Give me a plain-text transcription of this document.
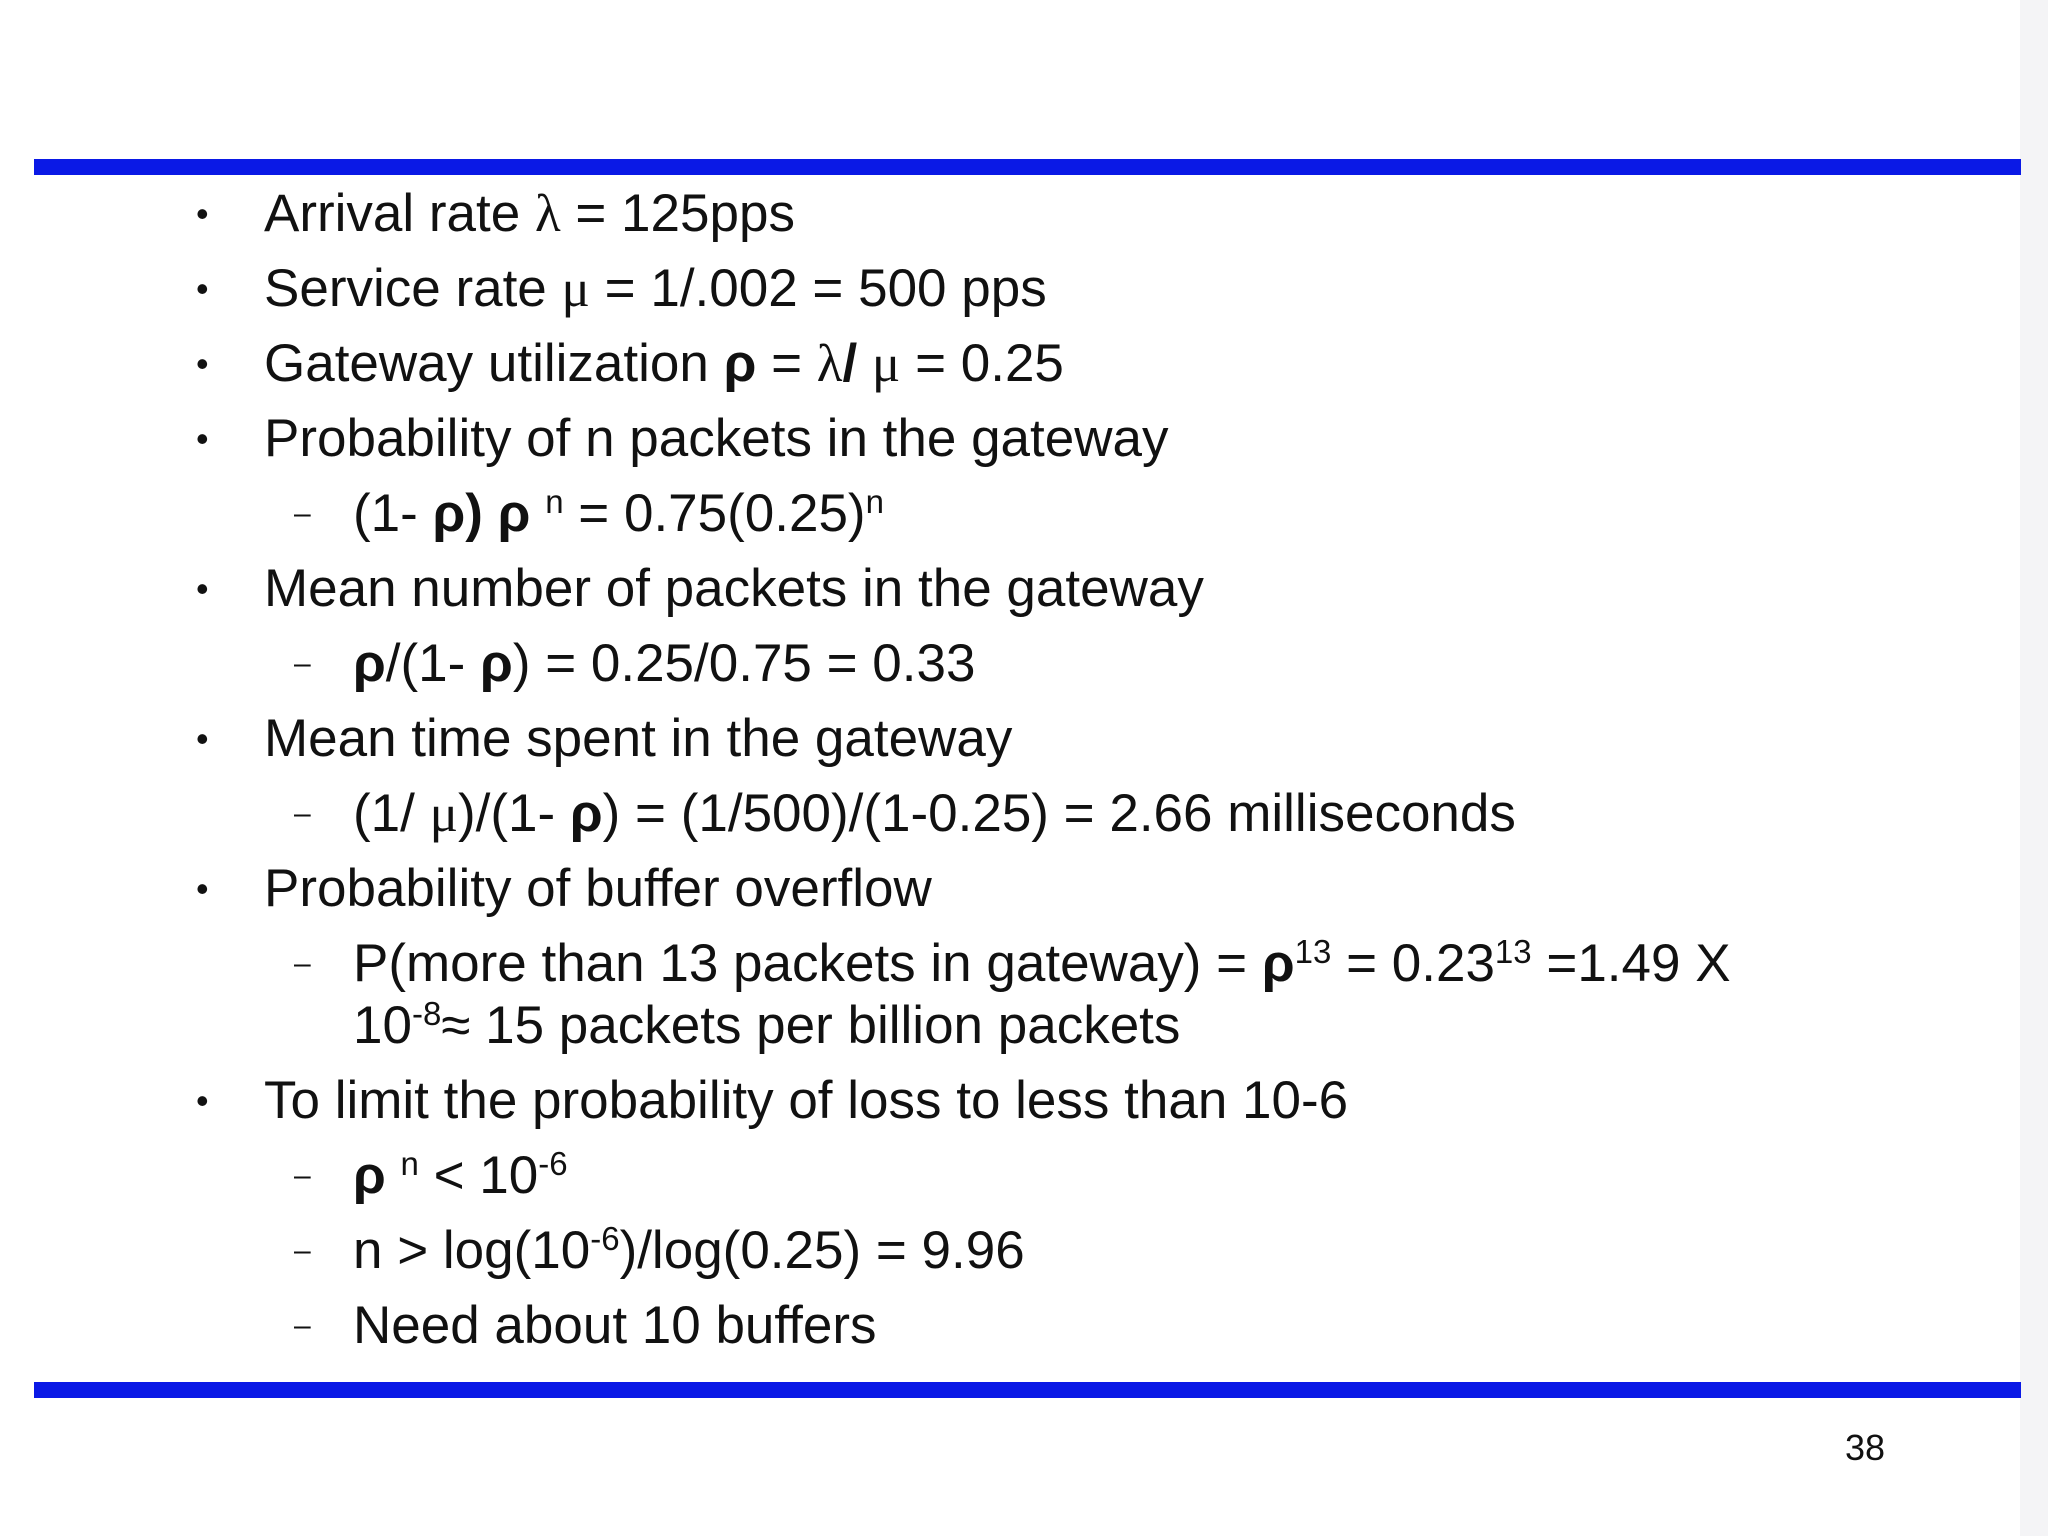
• Arrival rate λ = 125pps
• Service rate μ = 1/.002 = 500 pps
• Gateway utilization ρ = λ/ μ = 0.25
• Probability of n packets in the gateway
– (1- ρ) ρ $^n = 0.75(0.25)^n$
• Mean number of packets in the gateway
– ρ/(1- ρ) = 0.25/0.75 = 0.33
• Mean time spent in the gateway
– (1/ μ)/(1- ρ) = (1/500)/(1-0.25) = 2.66 milliseconds
• Probability of buffer overflow
– P(more than 13 packets in gateway) = $\rho^{13} = 0.23^{13} =1.49$ X
$10^{-8}\approx 15$ packets per billion packets
• To limit the probability of loss to less than 10-6
– ρ $^n < 10^{-6}$
– $n > \log(10^{-6})/\log(0.25) = 9.96$
– Need about 10 buffers
38
